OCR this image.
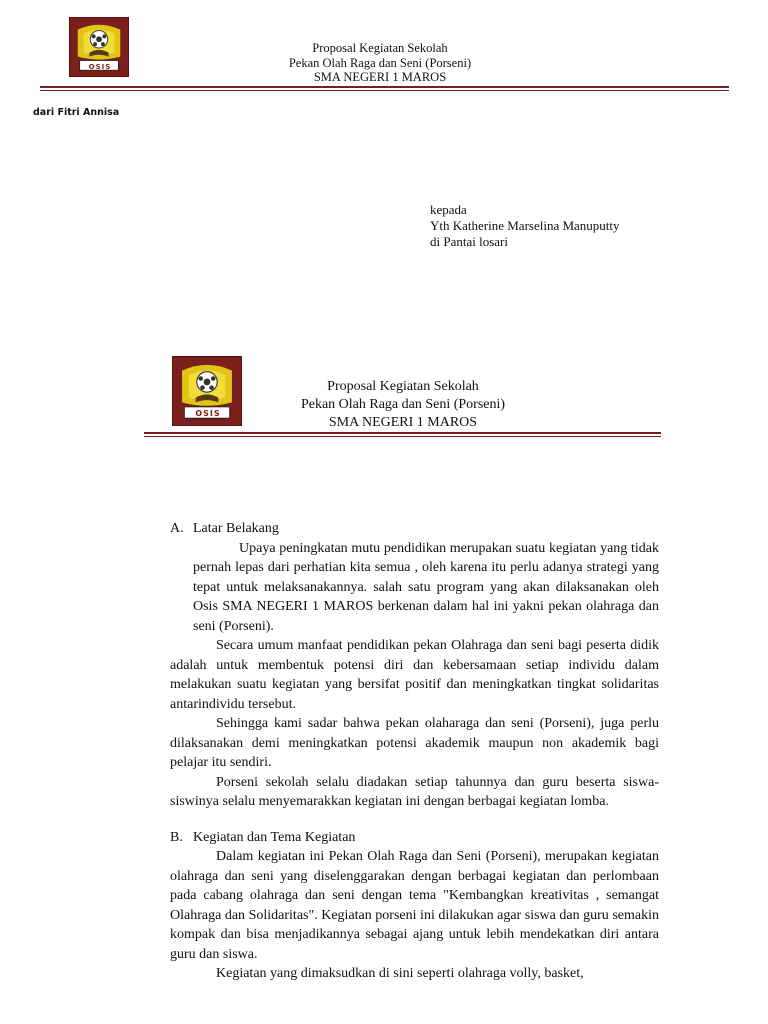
OSIS
Proposal Kegiatan Sekolah
Pekan Olah Raga dan Seni (Porseni)
SMA NEGERI 1 MAROS
dari Fitri Annisa
kepada
Yth Katherine Marselina Manuputty
di Pantai losari
OSIS
Proposal Kegiatan Sekolah
Pekan Olah Raga dan Seni (Porseni)
SMA NEGERI 1 MAROS
A. Latar Belakang

Upaya peningkatan mutu pendidikan merupakan suatu kegiatan yang tidak pernah lepas dari perhatian kita semua , oleh karena itu perlu adanya strategi yang tepat untuk melaksanakannya. salah satu program yang akan dilaksanakan oleh Osis SMA NEGERI 1 MAROS berkenan dalam hal ini yakni pekan olahraga dan seni (Porseni).

Secara umum manfaat pendidikan pekan Olahraga dan seni bagi peserta didik adalah untuk membentuk potensi diri dan kebersamaan setiap individu dalam melakukan suatu kegiatan yang bersifat positif dan meningkatkan tingkat solidaritas antarindividu tersebut.

Sehingga kami sadar bahwa pekan olaharaga dan seni (Porseni), juga perlu dilaksanakan demi meningkatkan potensi akademik maupun non akademik bagi pelajar itu sendiri.

Porseni sekolah selalu diadakan setiap tahunnya dan guru beserta siswa-siswinya selalu menyemarakkan kegiatan ini dengan berbagai kegiatan lomba.

B. Kegiatan dan Tema Kegiatan

Dalam kegiatan ini Pekan Olah Raga dan Seni (Porseni), merupakan kegiatan olahraga dan seni yang diselenggarakan dengan berbagai kegiatan dan perlombaan pada cabang olahraga dan seni dengan tema "Kembangkan kreativitas , semangat Olahraga dan Solidaritas". Kegiatan porseni ini dilakukan agar siswa dan guru semakin kompak dan bisa menjadikannya sebagai ajang untuk lebih mendekatkan diri antara guru dan siswa.

Kegiatan yang dimaksudkan di sini seperti olahraga volly, basket,
